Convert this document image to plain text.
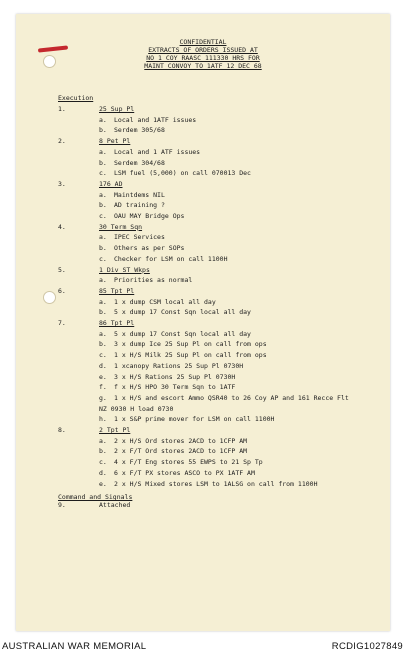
CONFIDENTIAL
EXTRACTS OF ORDERS ISSUED AT
NO 1 COY RAASC 111330 HRS FOR
MAINT CONVOY TO 1ATF 12 DEC 68
Execution
1.	25 Sup Pl
a. Local and 1ATF issues
b. Serdem 305/68
2.	8 Pet Pl
a. Local and 1 ATF issues
b. Serdem 304/68
c. LSM fuel (5,000) on call 070013 Dec
3.	176 AD
a. Maintdems NIL
b. AD training ?
c. OAU MAY Bridge Ops
4.	30 Term Sqn
a. IPEC Services
b. Others as per SOPs
c. Checker for LSM on call 1100H
5.	1 Div ST Wkps
a. Priorities as normal
6.	85 Tpt Pl
a. 1 x dump CSM local all day
b. 5 x dump 17 Const Sqn local all day
7.	86 Tpt Pl
a. 5 x dump 17 Const Sqn local all day
b. 3 x dump Ice 25 Sup Pl on call from ops
c. 1 x H/S Milk 25 Sup Pl on call from ops
d. 1 xcanopy Rations 25 Sup Pl 0730H
e. 3 x H/S Rations 25 Sup Pl 0730H
f. f x H/S HPO 30 Term Sqn to 1ATF
g. 1 x H/S and escort Ammo QSR40 to 26 Coy AP and 161 Recce Flt
NZ 0930 H load 0730
h. 1 x S&P prime mover for LSM on call 1100H
8.	2 Tpt Pl
a. 2 x H/S Ord stores 2ACD to 1CFP AM
b. 2 x F/T Ord stores 2ACD to 1CFP AM
c. 4 x F/T Eng stores 55 EWPS to 21 Sp Tp
d. 6 x F/T PX stores ASCO to PX 1ATF AM
e. 2 x H/S Mixed stores LSM to 1ALSG on call from 1100H
Command and Signals
9.	Attached
AUSTRALIAN WAR MEMORIAL	RCDIG1027849
